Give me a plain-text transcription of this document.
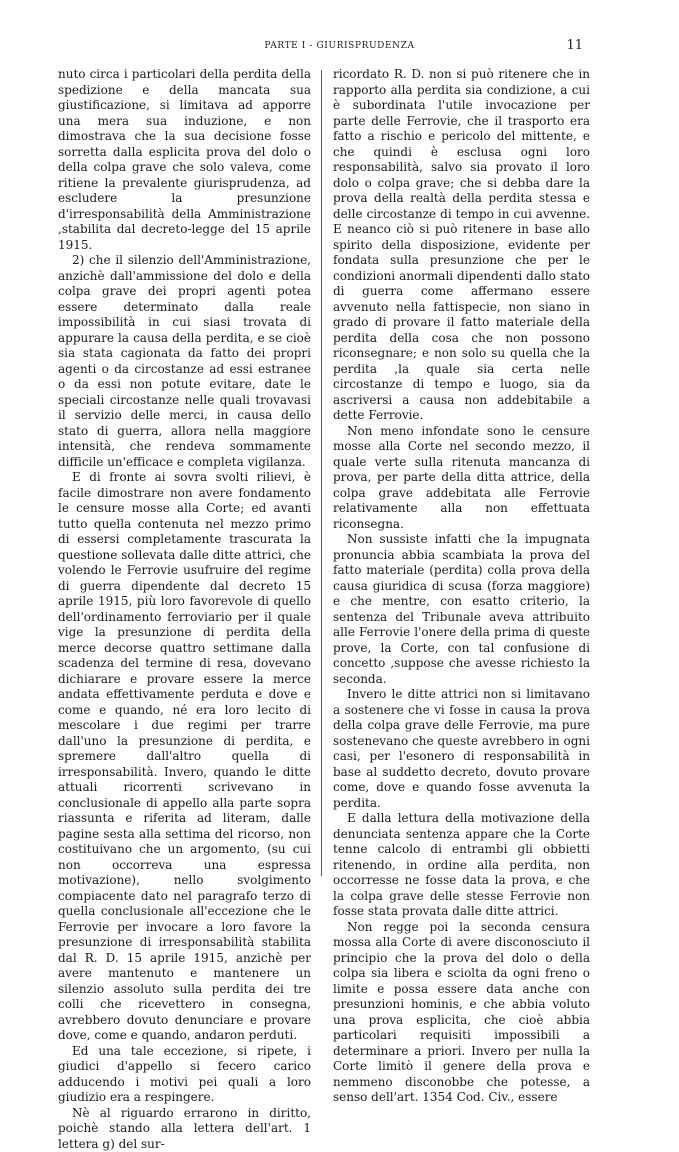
PARTE I - GIURISPRUDENZA	11

nuto circa i particolari della perdita della spedizione e della mancata sua giustificazione, si limitava ad apporre una mera sua induzione, e non dimostrava che la sua decisione fosse sorretta dalla esplicita prova del dolo o della colpa grave che solo valeva, come ritiene la prevalente giurisprudenza, ad escludere la presunzione d'irresponsabilità della Amministrazione ,stabilita dal decreto-legge del 15 aprile 1915.

2) che il silenzio dell'Amministrazione, anzichè dall'ammissione del dolo e della colpa grave dei propri agenti potea essere determinato dalla reale impossibilità in cui siasi trovata di appurare la causa della perdita, e se cioè sia stata cagionata da fatto dei propri agenti o da circostanze ad essi estranee o da essi non potute evitare, date le speciali circostanze nelle quali trovavasi il servizio delle merci, in causa dello stato di guerra, allora nella maggiore intensità, che rendeva sommamente difficile un'efficace e completa vigilanza.

E di fronte ai sovra svolti rilievi, è facile dimostrare non avere fondamento le censure mosse alla Corte; ed avanti tutto quella contenuta nel mezzo primo di essersi completamente trascurata la questione sollevata dalle ditte attrici, che volendo le Ferrovie usufruire del regime di guerra dipendente dal decreto 15 aprile 1915, più loro favorevole di quello dell'ordinamento ferroviario per il quale vige la presunzione di perdita della merce decorse quattro settimane dalla scadenza del termine di resa, dovevano dichiarare e provare essere la merce andata effettivamente perduta e dove e come e quando, né era loro lecito di mescolare i due regimi per trarre dall'uno la presunzione di perdita, e spremere dall'altro quella di irresponsabilità. Invero, quando le ditte attuali ricorrenti scrivevano in conclusionale di appello alla parte sopra riassunta e riferita ad literam, dalle pagine sesta alla settima del ricorso, non costituivano che un argomento, (su cui non occorreva una espressa motivazione), nello svolgimento compiacente dato nel paragrafo terzo di quella conclusionale all'eccezione che le Ferrovie per invocare a loro favore la presunzione di irresponsabilità stabilita dal R. D. 15 aprile 1915, anzichè per avere mantenuto e mantenere un silenzio assoluto sulla perdita dei tre colli che ricevettero in consegna, avrebbero dovuto denunciare e provare dove, come e quando, andaron perduti.

Ed una tale eccezione, si ripete, i giudici d'appello si fecero carico adducendo i motivi pei quali a loro giudizio era a respingere.

Nè al riguardo errarono in diritto, poichè stando alla lettera dell'art. 1 lettera g) del sur-

ricordato R. D. non si può ritenere che in rapporto alla perdita sia condizione, a cui è subordinata l'utile invocazione per parte delle Ferrovie, che il trasporto era fatto a rischio e pericolo del mittente, e che quindi è esclusa ogni loro responsabilità, salvo sia provato il loro dolo o colpa grave; che si debba dare la prova della realtà della perdita stessa e delle circostanze di tempo in cui avvenne. E neanco ciò si può ritenere in base allo spirito della disposizione, evidente per fondata sulla presunzione che per le condizioni anormali dipendenti dallo stato di guerra come affermano essere avvenuto nella fattispecie, non siano in grado di provare il fatto materiale della perdita della cosa che non possono riconsegnare; e non solo su quella che la perdita ,la quale sia certa nelle circostanze di tempo e luogo, sia da ascriversi a causa non addebitabile a dette Ferrovie.

Non meno infondate sono le censure mosse alla Corte nel secondo mezzo, il quale verte sulla ritenuta mancanza di prova, per parte della ditta attrice, della colpa grave addebitata alle Ferrovie relativamente alla non effettuata riconsegna.

Non sussiste infatti che la impugnata pronuncia abbia scambiata la prova del fatto materiale (perdita) colla prova della causa giuridica di scusa (forza maggiore) e che mentre, con esatto criterio, la sentenza del Tribunale aveva attribuito alle Ferrovie l'onere della prima di queste prove, la Corte, con tal confusione di concetto ,suppose che avesse richiesto la seconda.

Invero le ditte attrici non si limitavano a sostenere che vi fosse in causa la prova della colpa grave delle Ferrovie, ma pure sostenevano che queste avrebbero in ogni casi, per l'esonero di responsabilità in base al suddetto decreto, dovuto provare come, dove e quando fosse avvenuta la perdita.

E dalla lettura della motivazione della denunciata sentenza appare che la Corte tenne calcolo di entrambi gli obbietti ritenendo, in ordine alla perdita, non occorresse ne fosse data la prova, e che la colpa grave delle stesse Ferrovie non fosse stata provata dalle ditte attrici.

Non regge poi la seconda censura mossa alla Corte di avere disconosciuto il principio che la prova del dolo o della colpa sia libera e sciolta da ogni freno o limite e possa essere data anche con presunzioni hominis, e che abbia voluto una prova esplicita, che cioè abbia particolari requisiti impossibili a determinare a priori. Invero per nulla la Corte limitò il genere della prova e nemmeno disconobbe che potesse, a senso dell'art. 1354 Cod. Civ., essere
